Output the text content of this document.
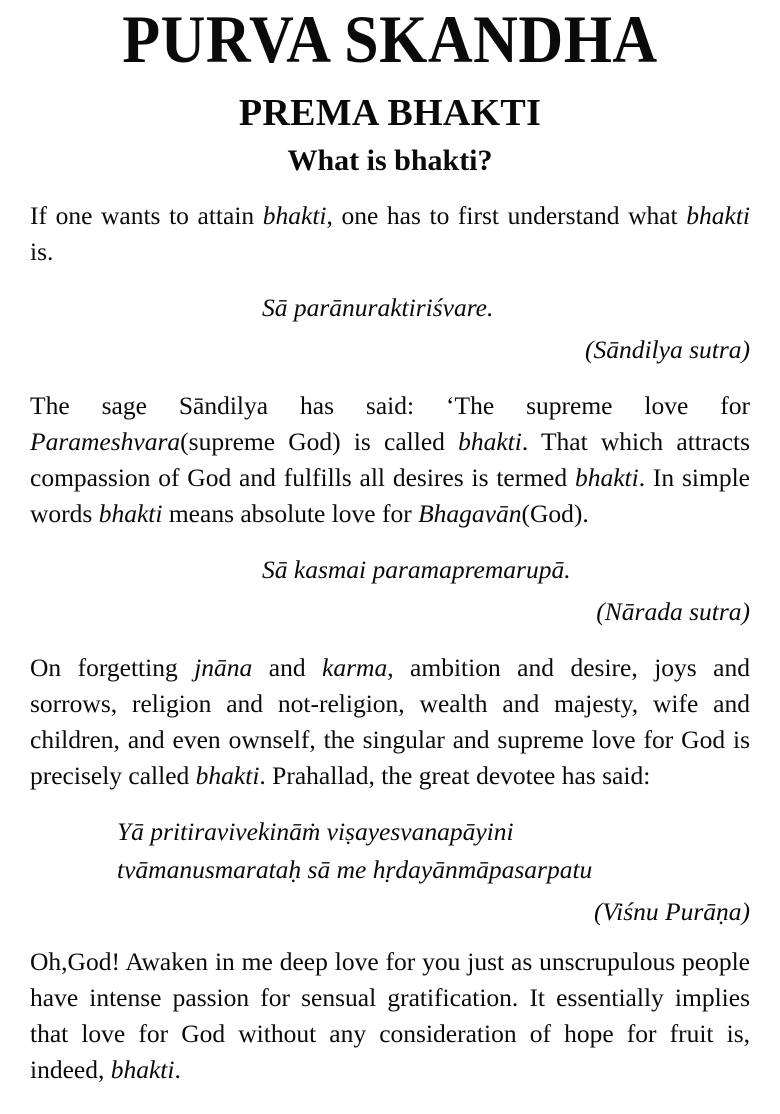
PURVA SKANDHA
PREMA BHAKTI
What is bhakti?

If one wants to attain bhakti, one has to first understand what bhakti is.

Sā parānuraktiriśvare.

(Sāndilya sutra)

The sage Sāndilya has said: ‘The supreme love for Parameshvara(supreme God) is called bhakti. That which attracts compassion of God and fulfills all desires is termed bhakti. In simple words bhakti means absolute love for Bhagavān(God).

Sā kasmai paramapremarupā.

(Nārada sutra)

On forgetting jnāna and karma, ambition and desire, joys and sorrows, religion and not-religion, wealth and majesty, wife and children, and even ownself, the singular and supreme love for God is precisely called bhakti. Prahallad, the great devotee has said:

Yā pritiravivekināṁ viṣayesvanapāyini
tvāmanusmarataḥ sā me hṛdayānmāpasarpatu

(Viśnu Purāṇa)

Oh,God! Awaken in me deep love for you just as unscrupulous people have intense passion for sensual gratification. It essentially implies that love for God without any consideration of hope for fruit is, indeed, bhakti.
